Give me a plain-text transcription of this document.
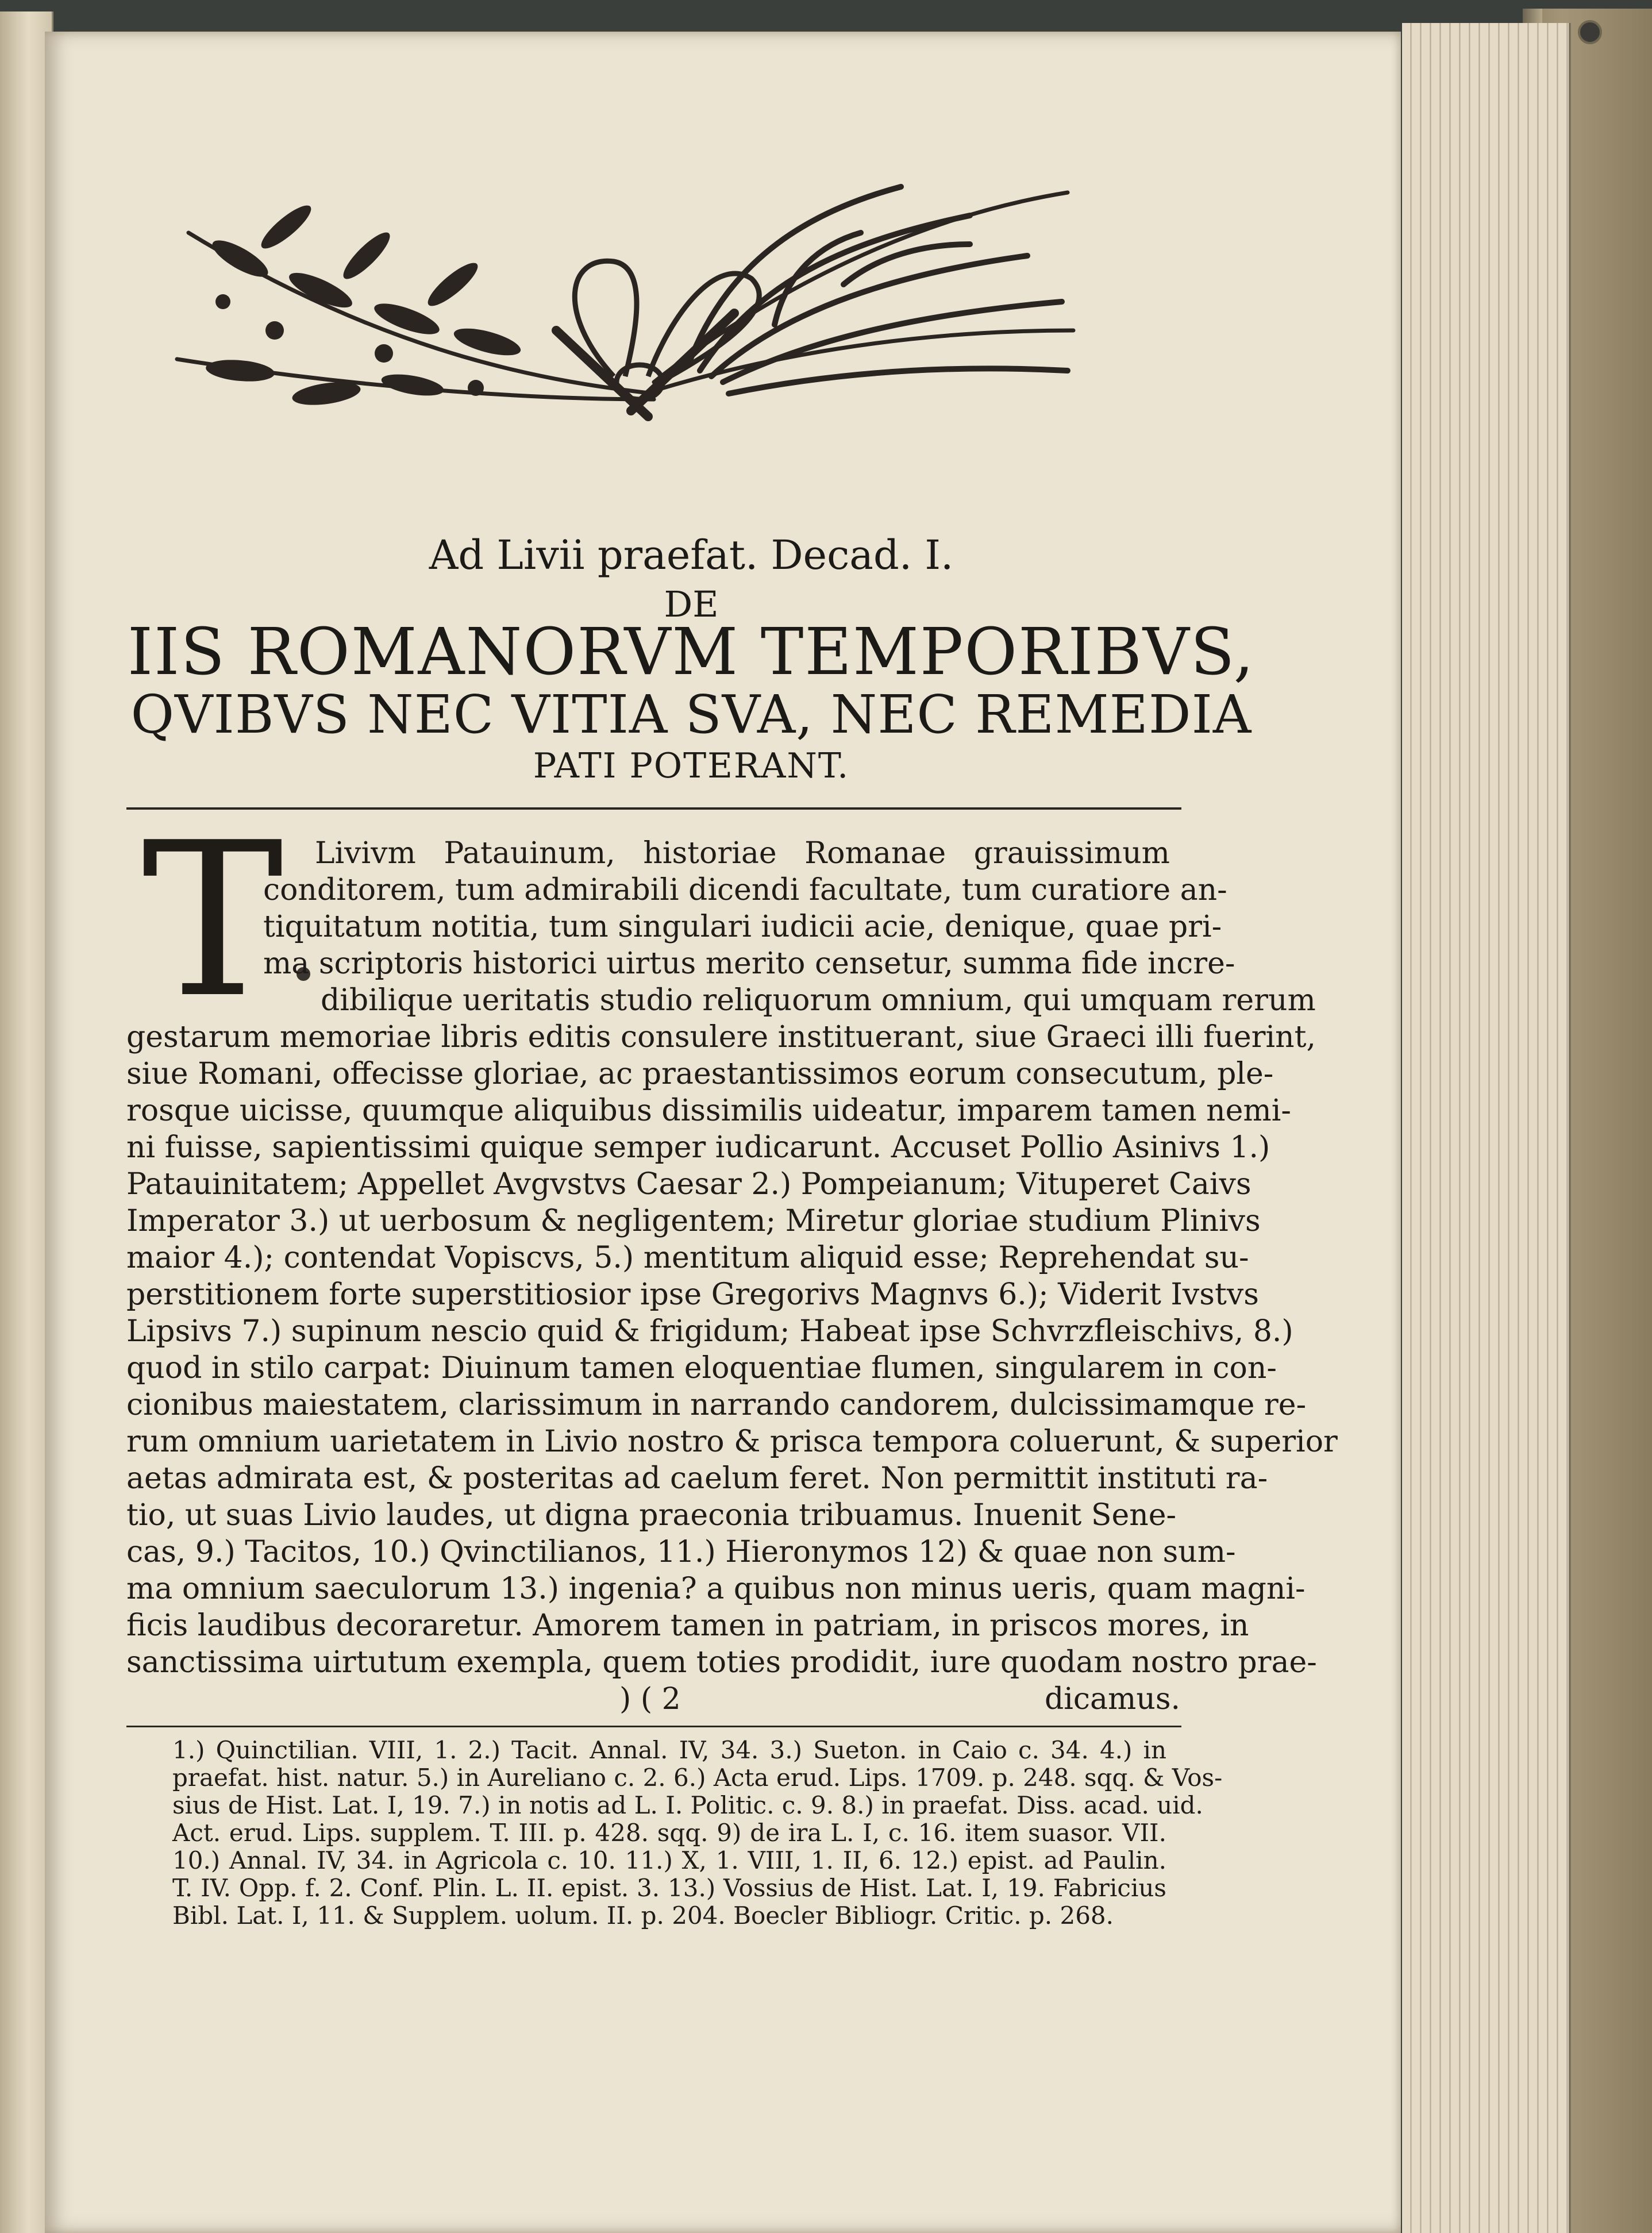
Ad Livii praefat. Decad. I.
DE
IIS ROMANORVM TEMPORIBVS,
QVIBVS NEC VITIA SVA, NEC REMEDIA
PATI POTERANT.
T	Livivm Patauinum, historiae Romanae grauissimum
conditorem, tum admirabili dicendi facultate, tum curatiore an-
tiquitatum notitia, tum singulari iudicii acie, denique, quae pri-
ma scriptoris historici uirtus merito censetur, summa fide incre-
dibilique ueritatis studio reliquorum omnium, qui umquam rerum
gestarum memoriae libris editis consulere instituerant, siue Graeci illi fuerint,
siue Romani, offecisse gloriae, ac praestantissimos eorum consecutum, ple-
rosque uicisse, quumque aliquibus dissimilis uideatur, imparem tamen nemi-
ni fuisse, sapientissimi quique semper iudicarunt. Accuset Pollio Asinivs 1.)
Patauinitatem; Appellet Avgvstvs Caesar 2.) Pompeianum; Vituperet Caivs
Imperator 3.) ut uerbosum & negligentem; Miretur gloriae studium Plinivs
maior 4.); contendat Vopiscvs, 5.) mentitum aliquid esse; Reprehendat su-
perstitionem forte superstitiosior ipse Gregorivs Magnvs 6.); Viderit Ivstvs
Lipsivs 7.) supinum nescio quid & frigidum; Habeat ipse Schvrzfleischivs, 8.)
quod in stilo carpat: Diuinum tamen eloquentiae flumen, singularem in con-
cionibus maiestatem, clarissimum in narrando candorem, dulcissimamque re-
rum omnium uarietatem in Livio nostro & prisca tempora coluerunt, & superior
aetas admirata est, & posteritas ad caelum feret. Non permittit instituti ra-
tio, ut suas Livio laudes, ut digna praeconia tribuamus. Inuenit Sene-
cas, 9.) Tacitos, 10.) Qvinctilianos, 11.) Hieronymos 12) & quae non sum-
ma omnium saeculorum 13.) ingenia? a quibus non minus ueris, quam magni-
ficis laudibus decoraretur. Amorem tamen in patriam, in priscos mores, in
sanctissima uirtutum exempla, quem toties prodidit, iure quodam nostro prae-
) ( 2	dicamus.
1.) Quinctilian. VIII, 1. 2.) Tacit. Annal. IV, 34. 3.) Sueton. in Caio c. 34. 4.) in
praefat. hist. natur. 5.) in Aureliano c. 2. 6.) Acta erud. Lips. 1709. p. 248. sqq. & Vos-
sius de Hist. Lat. I, 19. 7.) in notis ad L. I. Politic. c. 9. 8.) in praefat. Diss. acad. uid.
Act. erud. Lips. supplem. T. III. p. 428. sqq. 9) de ira L. I, c. 16. item suasor. VII.
10.) Annal. IV, 34. in Agricola c. 10. 11.) X, 1. VIII, 1. II, 6. 12.) epist. ad Paulin.
T. IV. Opp. f. 2. Conf. Plin. L. II. epist. 3. 13.) Vossius de Hist. Lat. I, 19. Fabricius
Bibl. Lat. I, 11. & Supplem. uolum. II. p. 204. Boecler Bibliogr. Critic. p. 268.
